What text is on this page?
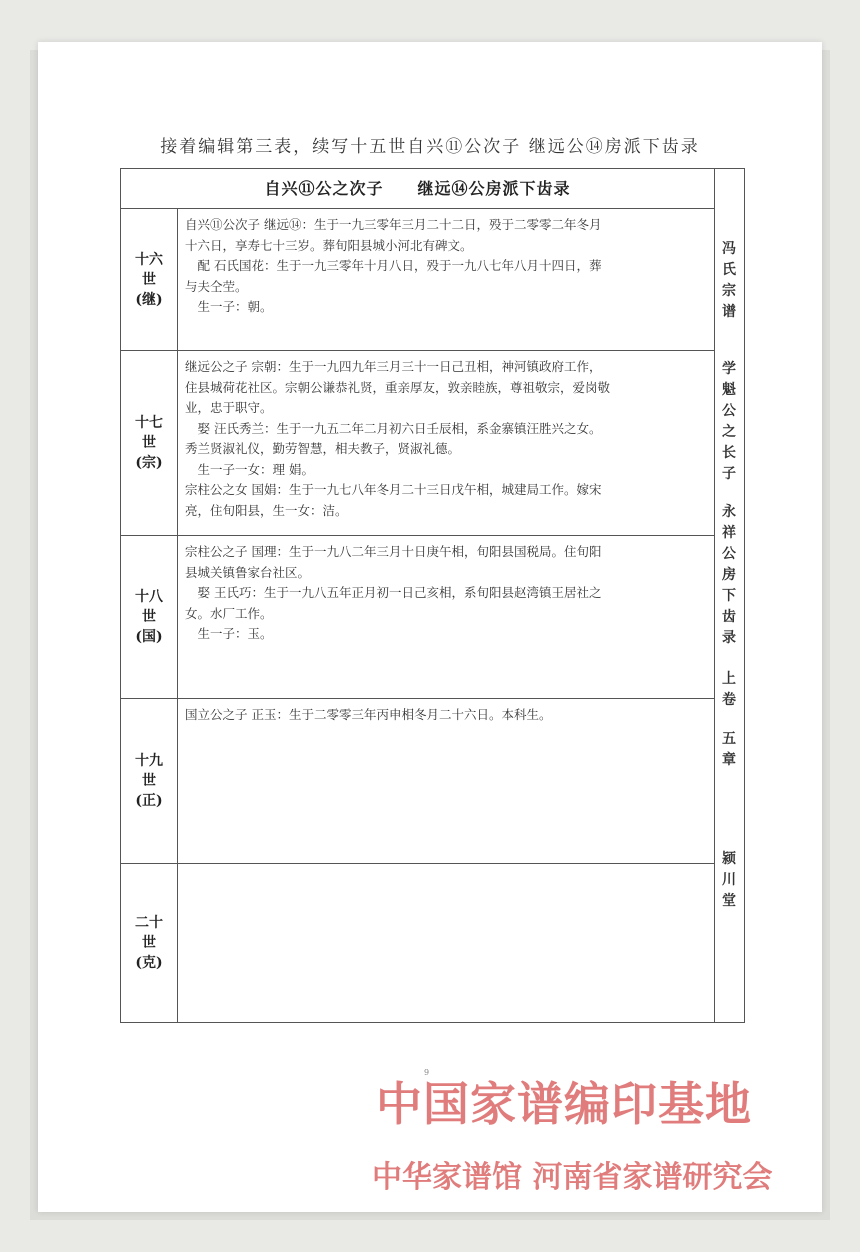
接着编辑第三表，续写十五世自兴⑪公次子 继远公⑭房派下齿录
自兴⑪公之次子　　继远⑭公房派下齿录
十六
世
(继)

自兴⑪公次子 继远⑭：生于一九三零年三月二十二日，殁于二零零二年冬月

十六日，享寿七十三岁。葬旬阳县城小河北有碑文。

　配 石氏国花：生于一九三零年十月八日，殁于一九八七年八月十四日，葬

与夫仝茔。

　生一子：朝。

十七
世
(宗)

继远公之子 宗朝：生于一九四九年三月三十一日己丑相，神河镇政府工作，

住县城荷花社区。宗朝公谦恭礼贤，重亲厚友，敦亲睦族，尊祖敬宗，爱岗敬

业，忠于职守。

　娶 汪氏秀兰：生于一九五二年二月初六日壬辰相，系金寨镇汪胜兴之女。

秀兰贤淑礼仪，勤劳智慧，相夫教子，贤淑礼德。

　生一子一女：理 娟。

宗柱公之女 国娟：生于一九七八年冬月二十三日戊午相，城建局工作。嫁宋

亮，住旬阳县，生一女：洁。

十八
世
(国)

宗柱公之子 国理：生于一九八二年三月十日庚午相，旬阳县国税局。住旬阳

县城关镇鲁家台社区。

　娶 王氏巧：生于一九八五年正月初一日己亥相，系旬阳县赵湾镇王居社之

女。水厂工作。

　生一子：玉。

十九
世
(正)

国立公之子 正玉：生于二零零三年丙申相冬月二十六日。本科生。

二十
世
(克)
冯
氏
宗
谱
学
魁
公
之
长
子
永
祥
公
房
下
齿
录
上
卷
五
章
颍
川
堂
9
中国家谱编印基地
中华家谱馆 河南省家谱研究会
